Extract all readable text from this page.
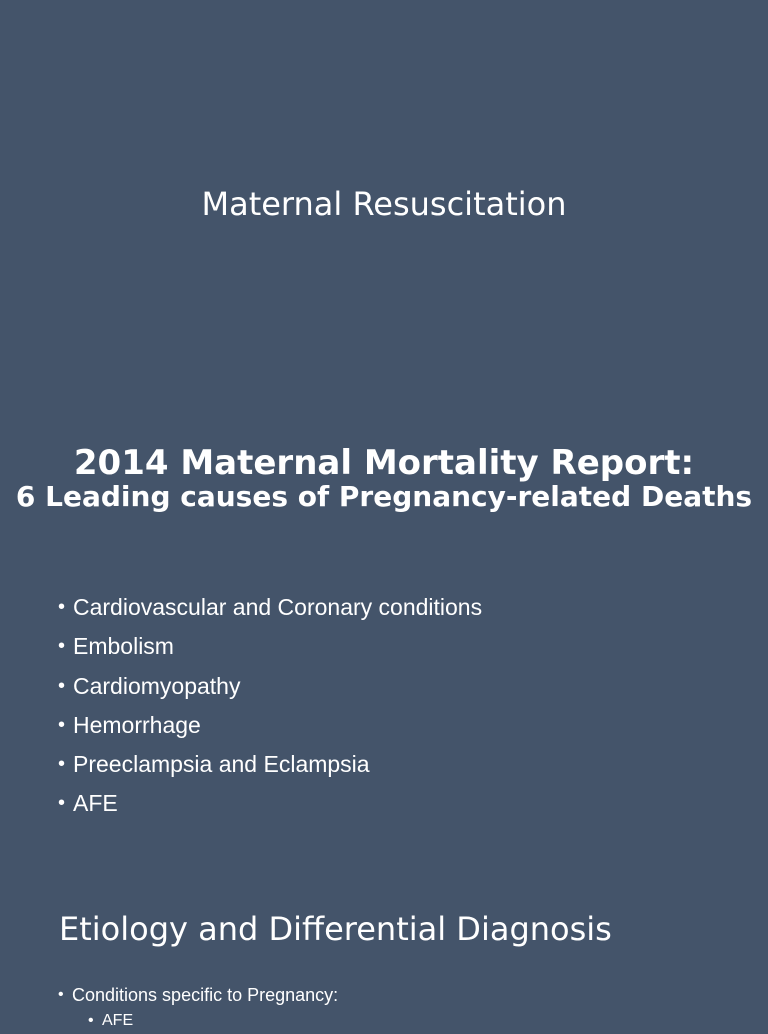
Maternal Resuscitation
2014 Maternal Mortality Report:
6 Leading causes of Pregnancy-related Deaths
• Cardiovascular and Coronary conditions
• Embolism
• Cardiomyopathy
• Hemorrhage
• Preeclampsia and Eclampsia
• AFE
Etiology and Differential Diagnosis
• Conditions specific to Pregnancy:
• AFE
